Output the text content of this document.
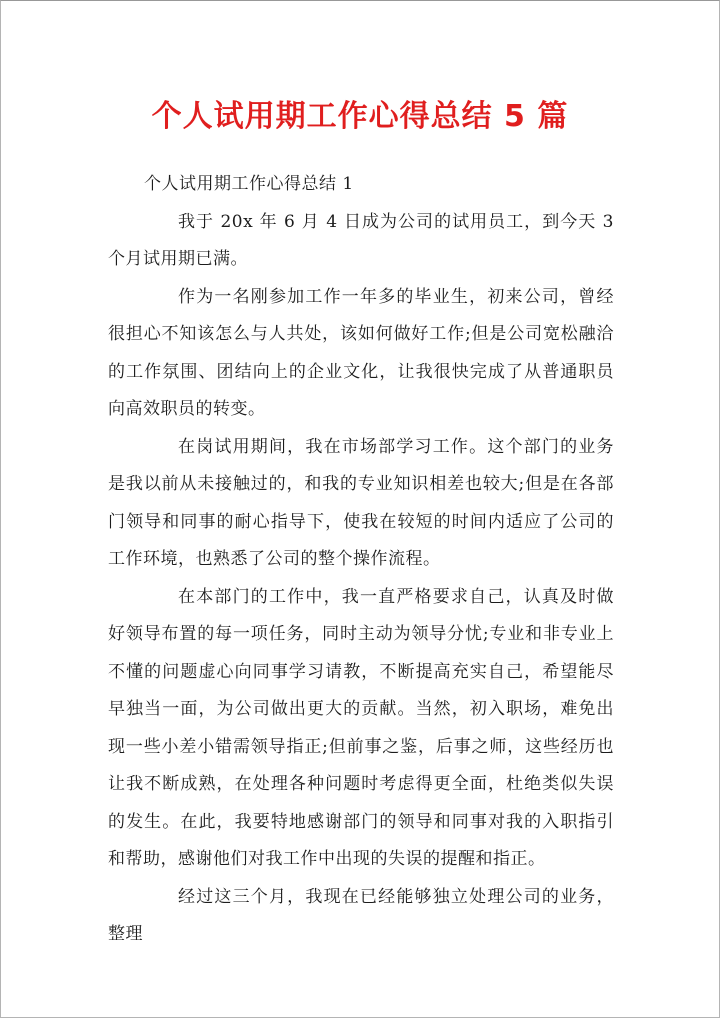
个人试用期工作心得总结 5 篇

个人试用期工作心得总结 1

我于 20x 年 6 月 4 日成为公司的试用员工，到今天 3 个月试用期已满。

作为一名刚参加工作一年多的毕业生，初来公司，曾经很担心不知该怎么与人共处，该如何做好工作;但是公司宽松融洽的工作氛围、团结向上的企业文化，让我很快完成了从普通职员向高效职员的转变。

在岗试用期间，我在市场部学习工作。这个部门的业务是我以前从未接触过的，和我的专业知识相差也较大;但是在各部门领导和同事的耐心指导下，使我在较短的时间内适应了公司的工作环境，也熟悉了公司的整个操作流程。

在本部门的工作中，我一直严格要求自己，认真及时做好领导布置的每一项任务，同时主动为领导分忧;专业和非专业上不懂的问题虚心向同事学习请教，不断提高充实自己，希望能尽早独当一面，为公司做出更大的贡献。当然，初入职场，难免出现一些小差小错需领导指正;但前事之鉴，后事之师，这些经历也让我不断成熟，在处理各种问题时考虑得更全面，杜绝类似失误的发生。在此，我要特地感谢部门的领导和同事对我的入职指引和帮助，感谢他们对我工作中出现的失误的提醒和指正。

经过这三个月，我现在已经能够独立处理公司的业务，整理
